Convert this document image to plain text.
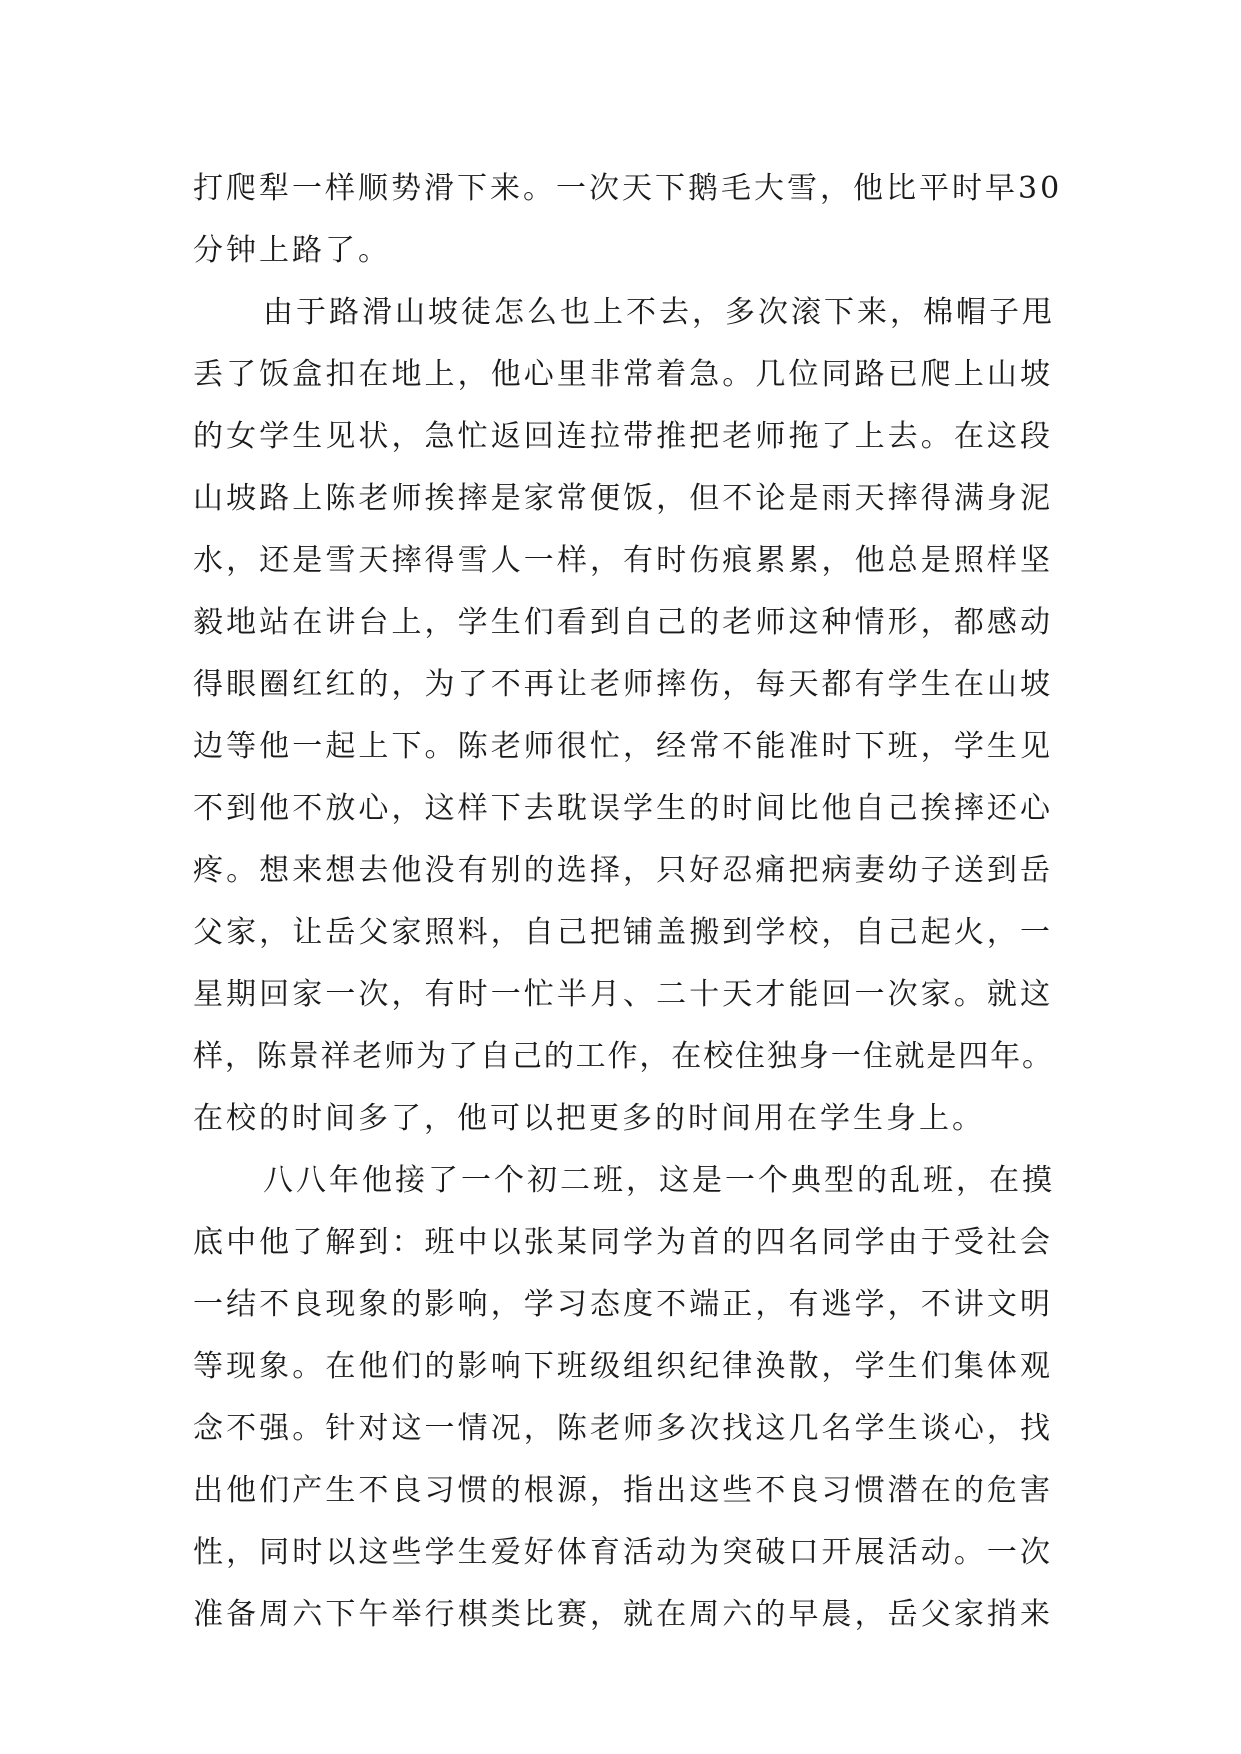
打爬犁一样顺势滑下来。一次天下鹅毛大雪，他比平时早30
分钟上路了。
由于路滑山坡徒怎么也上不去，多次滚下来，棉帽子甩
丢了饭盒扣在地上，他心里非常着急。几位同路已爬上山坡
的女学生见状，急忙返回连拉带推把老师拖了上去。在这段
山坡路上陈老师挨摔是家常便饭，但不论是雨天摔得满身泥
水，还是雪天摔得雪人一样，有时伤痕累累，他总是照样坚
毅地站在讲台上，学生们看到自己的老师这种情形，都感动
得眼圈红红的，为了不再让老师摔伤，每天都有学生在山坡
边等他一起上下。陈老师很忙，经常不能准时下班，学生见
不到他不放心，这样下去耽误学生的时间比他自己挨摔还心
疼。想来想去他没有别的选择，只好忍痛把病妻幼子送到岳
父家，让岳父家照料，自己把铺盖搬到学校，自己起火，一
星期回家一次，有时一忙半月、二十天才能回一次家。就这
样，陈景祥老师为了自己的工作，在校住独身一住就是四年。
在校的时间多了，他可以把更多的时间用在学生身上。
八八年他接了一个初二班，这是一个典型的乱班，在摸
底中他了解到：班中以张某同学为首的四名同学由于受社会
一结不良现象的影响，学习态度不端正，有逃学，不讲文明
等现象。在他们的影响下班级组织纪律涣散，学生们集体观
念不强。针对这一情况，陈老师多次找这几名学生谈心，找
出他们产生不良习惯的根源，指出这些不良习惯潜在的危害
性，同时以这些学生爱好体育活动为突破口开展活动。一次
准备周六下午举行棋类比赛，就在周六的早晨，岳父家捎来
